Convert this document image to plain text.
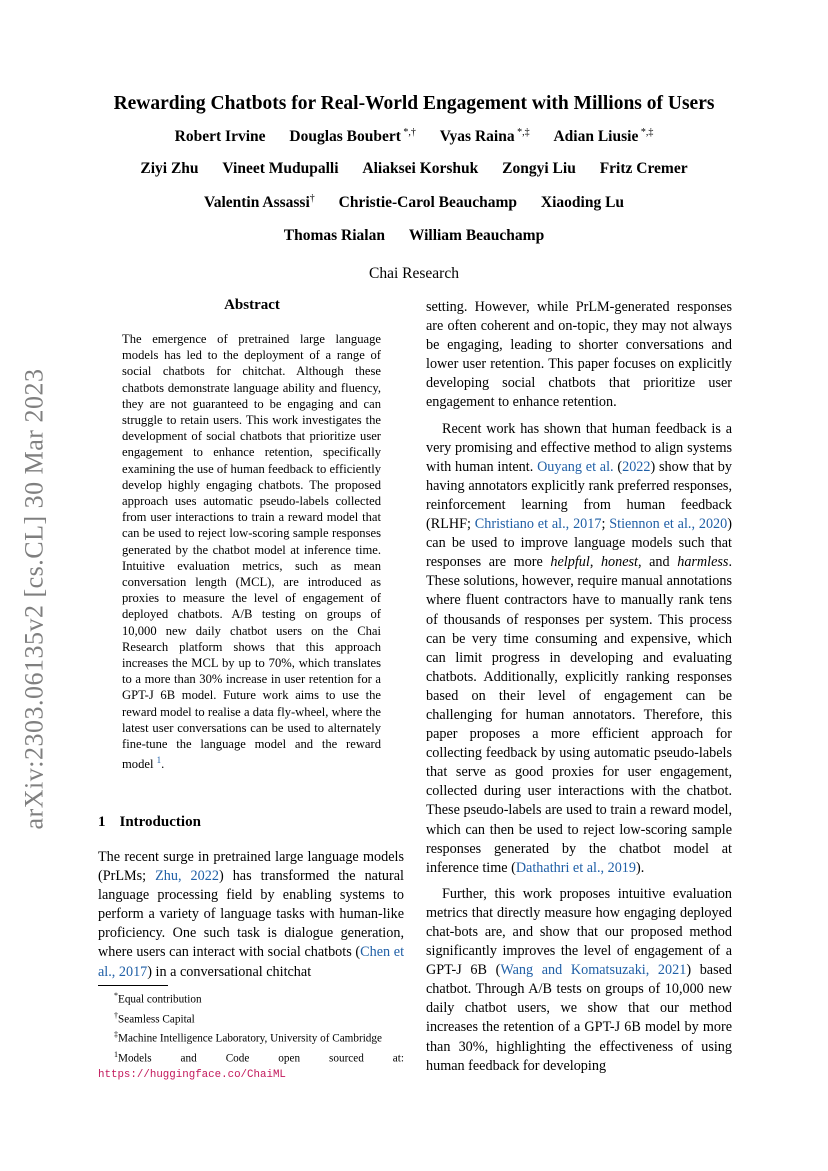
Rewarding Chatbots for Real-World Engagement with Millions of Users
Robert Irvine Douglas Boubert *,† Vyas Raina *,‡ Adian Liusie *,‡
Ziyi Zhu Vineet Mudupalli Aliaksei Korshuk Zongyi Liu Fritz Cremer
Valentin Assassi† Christie-Carol Beauchamp Xiaoding Lu
Thomas Rialan William Beauchamp
Chai Research
arXiv:2303.06135v2 [cs.CL] 30 Mar 2023
Abstract
The emergence of pretrained large language models has led to the deployment of a range of social chatbots for chitchat. Although these chatbots demonstrate language ability and fluency, they are not guaranteed to be engaging and can struggle to retain users. This work investigates the development of social chatbots that prioritize user engagement to enhance retention, specifically examining the use of human feedback to efficiently develop highly engaging chatbots. The proposed approach uses automatic pseudo-labels collected from user interactions to train a reward model that can be used to reject low-scoring sample responses generated by the chatbot model at inference time. Intuitive evaluation metrics, such as mean conversation length (MCL), are introduced as proxies to measure the level of engagement of deployed chatbots. A/B testing on groups of 10,000 new daily chatbot users on the Chai Research platform shows that this approach increases the MCL by up to 70%, which translates to a more than 30% increase in user retention for a GPT-J 6B model. Future work aims to use the reward model to realise a data fly-wheel, where the latest user conversations can be used to alternately fine-tune the language model and the reward model $^1$.
1 Introduction
The recent surge in pretrained large language models (PrLMs; Zhu, 2022) has transformed the natural language processing field by enabling systems to perform a variety of language tasks with human-like proficiency. One such task is dialogue generation, where users can interact with social chatbots (Chen et al., 2017) in a conversational chitchat
*Equal contribution
†Seamless Capital
‡Machine Intelligence Laboratory, University of Cambridge
$^1$Models and Code open sourced at: https://huggingface.co/ChaiML

setting. However, while PrLM-generated responses are often coherent and on-topic, they may not always be engaging, leading to shorter conversations and lower user retention. This paper focuses on explicitly developing social chatbots that prioritize user engagement to enhance retention.

Recent work has shown that human feedback is a very promising and effective method to align systems with human intent. Ouyang et al. (2022) show that by having annotators explicitly rank preferred responses, reinforcement learning from human feedback (RLHF; Christiano et al., 2017; Stiennon et al., 2020) can be used to improve language models such that responses are more helpful, honest, and harmless. These solutions, however, require manual annotations where fluent contractors have to manually rank tens of thousands of responses per system. This process can be very time consuming and expensive, which can limit progress in developing and evaluating chatbots. Additionally, explicitly ranking responses based on their level of engagement can be challenging for human annotators. Therefore, this paper proposes a more efficient approach for collecting feedback by using automatic pseudo-labels that serve as good proxies for user engagement, collected during user interactions with the chatbot. These pseudo-labels are used to train a reward model, which can then be used to reject low-scoring sample responses generated by the chatbot model at inference time (Dathathri et al., 2019).

Further, this work proposes intuitive evaluation metrics that directly measure how engaging deployed chat-bots are, and show that our proposed method significantly improves the level of engagement of a GPT-J 6B (Wang and Komatsuzaki, 2021) based chatbot. Through A/B tests on groups of 10,000 new daily chatbot users, we show that our method increases the retention of a GPT-J 6B model by more than 30%, highlighting the effectiveness of using human feedback for developing
